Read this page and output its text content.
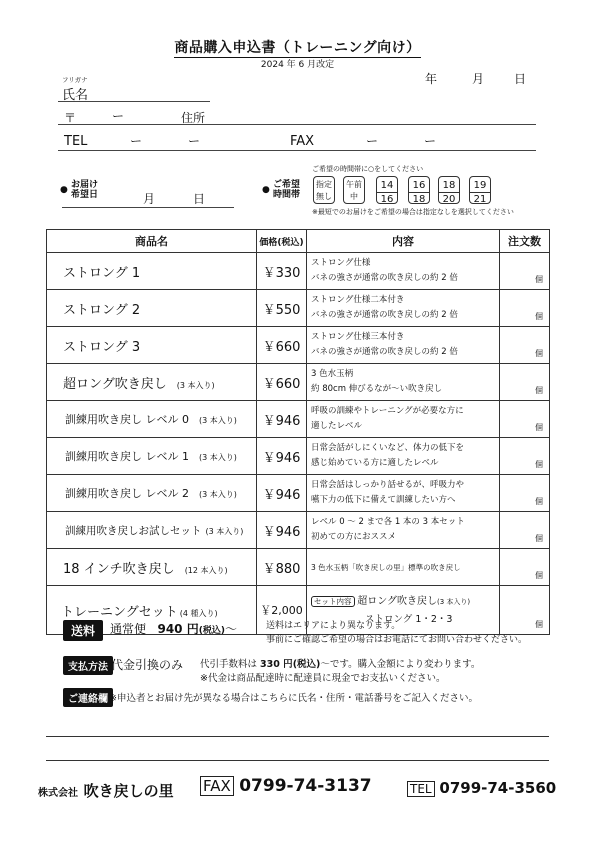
商品購入申込書（トレーニング向け）
2024 年 6 月改定
年	月 日
フリガナ
氏名
〒	ー	住所
TEL	ー	ー	FAX	ー	ー
● お届け
希望日	月	日
● ご希望
時間帯
ご希望の時間帯に○をしてください
指定
無し
午前
中
14
16
16
18
18
20
19
21
※最短でのお届けをご希望の場合は指定なしを選択してください
商品名	価格(税込)	内容	注文数
ストロング 1	￥330	ストロング仕様
バネの強さが通常の吹き戻しの約 2 倍	個
ストロング 2	￥550	ストロング仕様二本付き
バネの強さが通常の吹き戻しの約 2 倍	個
ストロング 3	￥660	ストロング仕様三本付き
バネの強さが通常の吹き戻しの約 2 倍	個
超ロング吹き戻し (3 本入り)	￥660	3 色水玉柄
約 80cm 伸びるなが〜い吹き戻し	個
訓練用吹き戻し レベル 0 (3 本入り)	￥946	呼吸の訓練やトレーニングが必要な方に
適したレベル	個
訓練用吹き戻し レベル 1 (3 本入り)	￥946	日常会話がしにくいなど、体力の低下を
感じ始めている方に適したレベル	個
訓練用吹き戻し レベル 2 (3 本入り)	￥946	日常会話はしっかり話せるが、呼吸力や
嚥下力の低下に備えて訓練したい方へ	個
訓練用吹き戻しお試しセット (3 本入り)	￥946	レベル 0 〜 2 まで各 1 本の 3 本セット
初めての方におススメ	個
18 インチ吹き戻し (12 本入り)	￥880	3 色水玉柄「吹き戻しの里」標準の吹き戻し	個
トレーニングセット (4 種入り)	￥2,000	セット内容 超ロング吹き戻し(3 本入り)
ストロング 1・2・3	個
送料	通常便 940 円(税込)〜	送料はエリアにより異なります。
事前にご確認ご希望の場合はお電話にてお問い合わせください。
支払方法 代金引換のみ 代引手数料は 330 円(税込)〜です。購入金額により変わります。
※代金は商品配達時に配達員に現金でお支払いください。
ご連絡欄 ※申込者とお届け先が異なる場合はこちらに氏名・住所・電話番号をご記入ください。
株式会社 吹き戻しの里 FAX 0799-74-3137	TEL 0799-74-3560
